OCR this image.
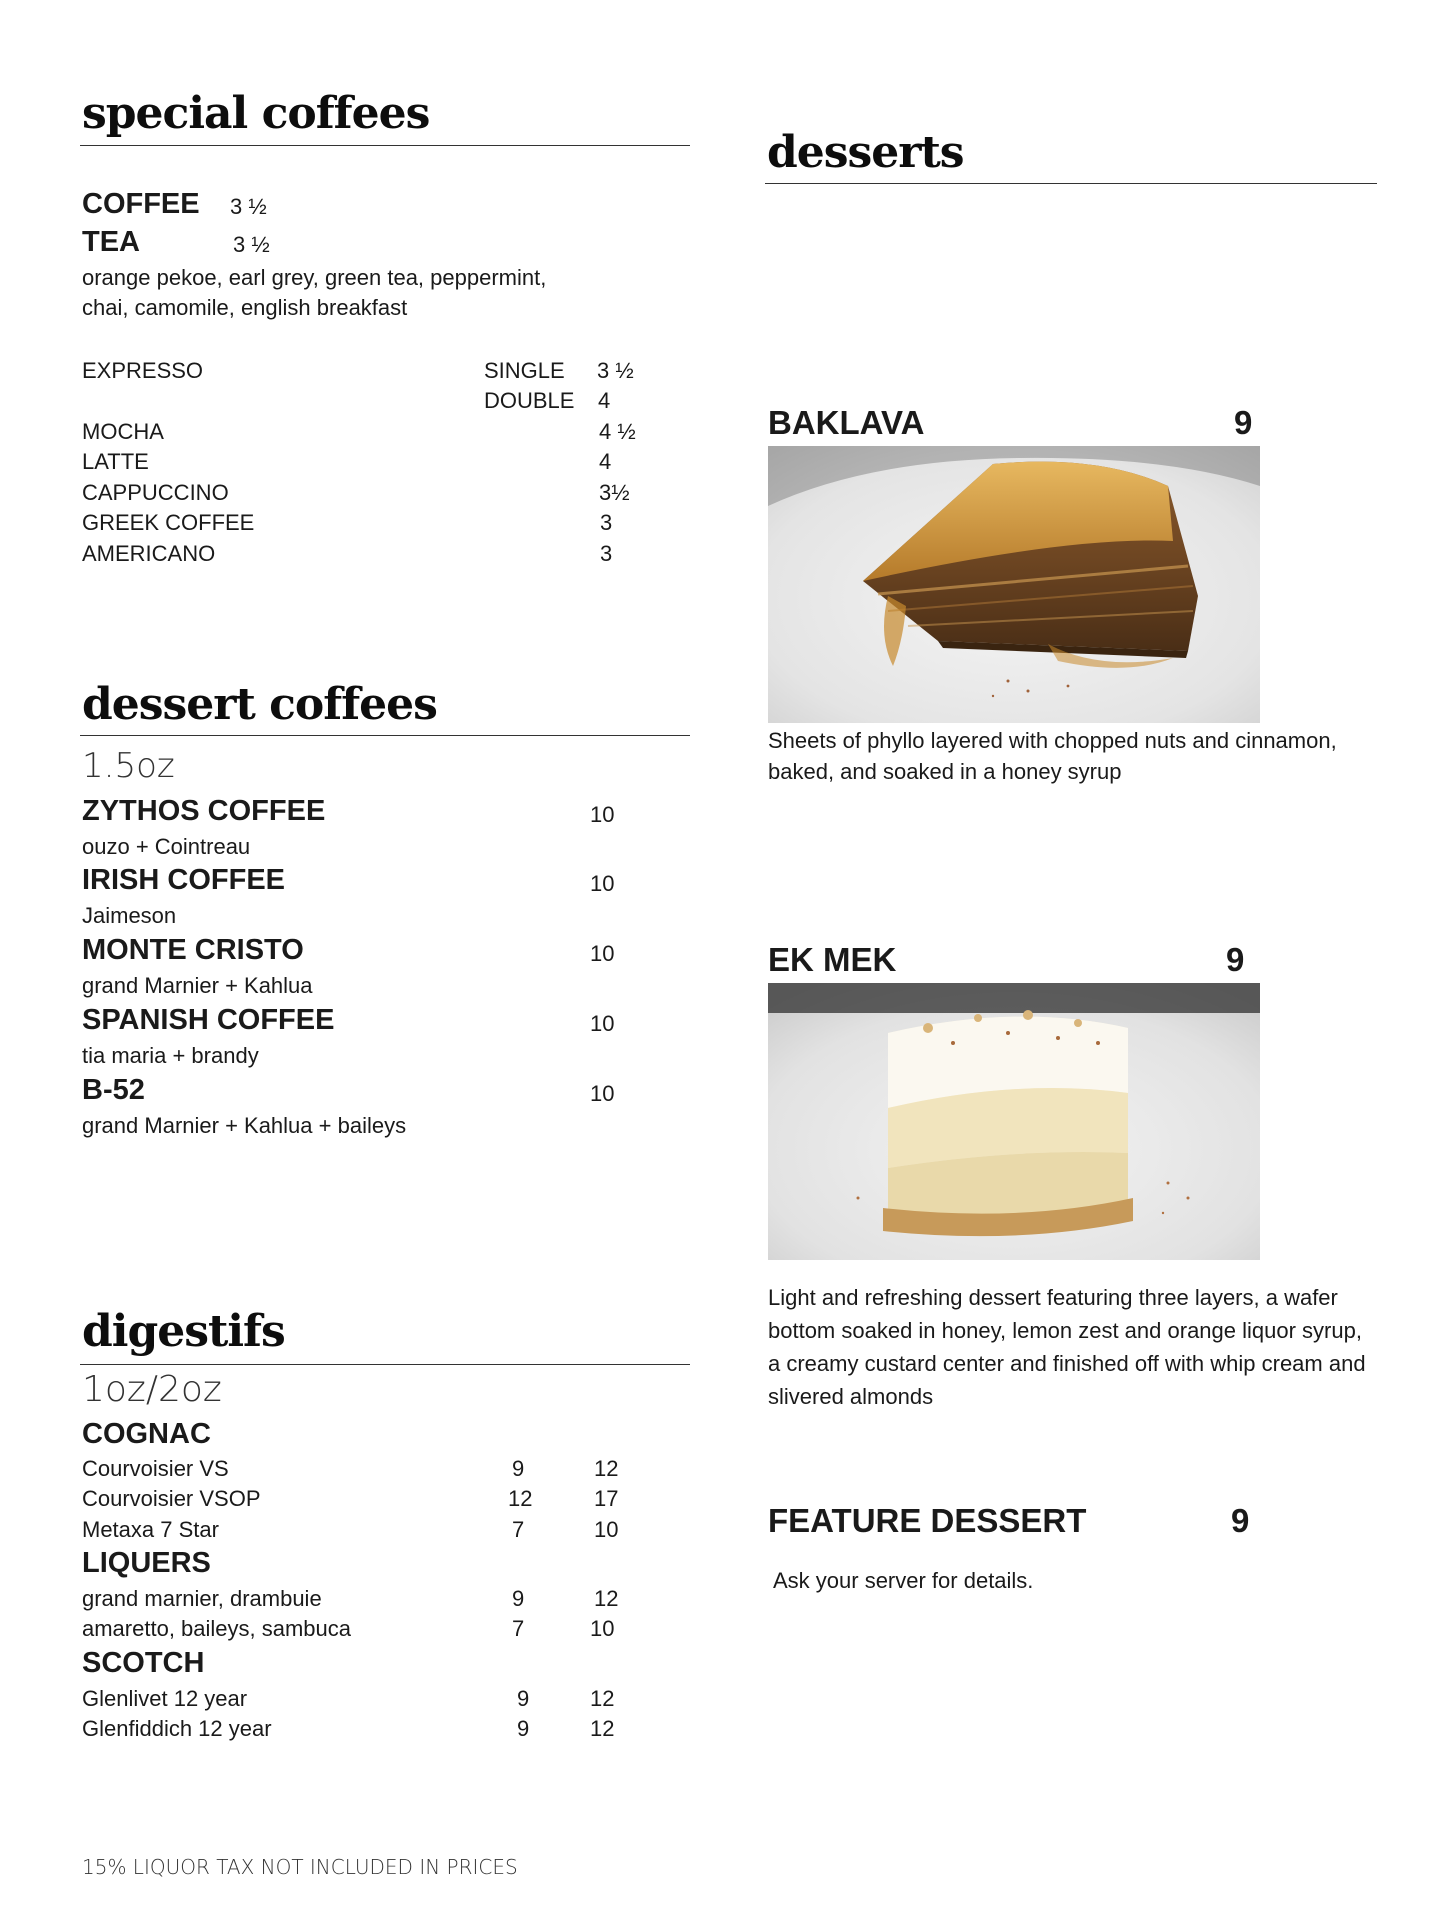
special coffees
COFFEE 3 ½
TEA	3 ½
orange pekoe, earl grey, green tea, peppermint,
chai, camomile, english breakfast
EXPRESSO	SINGLE 3 ½
DOUBLE 4
MOCHA	4 ½
LATTE	4
CAPPUCCINO	3½
GREEK COFFEE	3
AMERICANO	3
dessert coffees
1.5oz
ZYTHOS COFFEE	10
ouzo + Cointreau
IRISH COFFEE	10
Jaimeson
MONTE CRISTO	10
grand Marnier + Kahlua
SPANISH COFFEE	10
tia maria + brandy
B-52	10
grand Marnier + Kahlua + baileys
digestifs
1oz/2oz
COGNAC
Courvoisier VS	9	12
Courvoisier VSOP	12	17
Metaxa 7 Star	7	10
LIQUERS
grand marnier, drambuie	9	12
amaretto, baileys, sambuca	7	10
SCOTCH
Glenlivet 12 year	9	12
Glenfiddich 12 year	9	12
15% LIQUOR TAX NOT INCLUDED IN PRICES
desserts
BAKLAVA	9
Sheets of phyllo layered with chopped nuts and cinnamon, baked, and soaked in a honey syrup
EK MEK	9
Light and refreshing dessert featuring three layers, a wafer bottom soaked in honey, lemon zest and orange liquor syrup, a creamy custard center and finished off with whip cream and slivered almonds
FEATURE DESSERT	9
Ask your server for details.
